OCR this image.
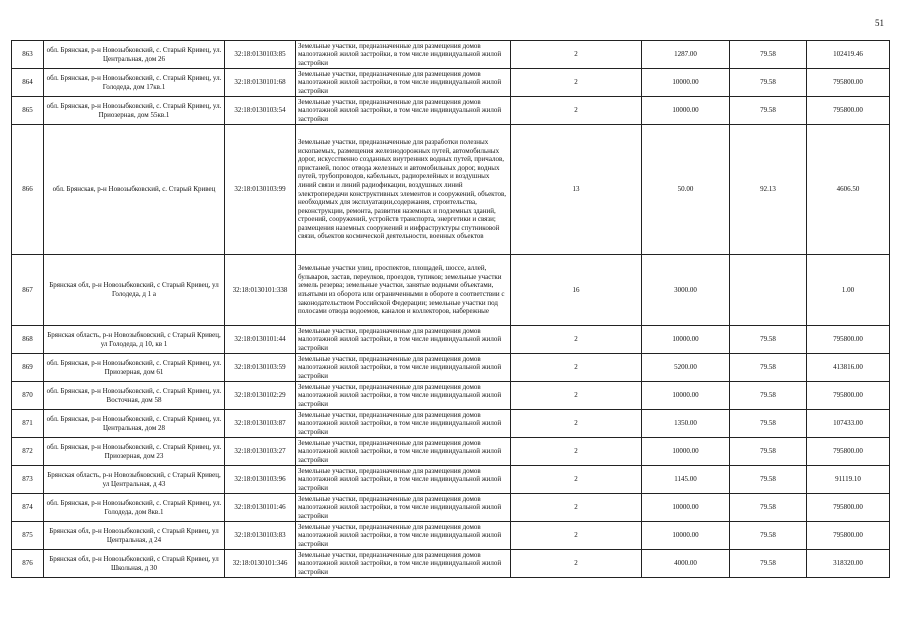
51
863	обл. Брянская, р-н Новозыбковский, с. Старый Кривец, ул. Центральная, дом 26	32:18:0130103:85	Земельные участки, предназначенные для размещения домов малоэтажной жилой застройки, в том числе индивидуальной жилой застройки	2	1287.00	79.58	102419.46
864	обл. Брянская, р-н Новозыбковский, с. Старый Кривец, ул. Голодеда, дом 17кв.1	32:18:0130101:68	Земельные участки, предназначенные для размещения домов малоэтажной жилой застройки, в том числе индивидуальной жилой застройки	2	10000.00	79.58	795800.00
865	обл. Брянская, р-н Новозыбковский, с. Старый Кривец, ул. Приозерная, дом 55кв.1	32:18:0130103:54	Земельные участки, предназначенные для размещения домов малоэтажной жилой застройки, в том числе индивидуальной жилой застройки	2	10000.00	79.58	795800.00
866	обл. Брянская, р-н Новозыбковский, с. Старый Кривец	32:18:0130103:99	Земельные участки, предназначенные для разработки полезных ископаемых, размещения железнодорожных путей, автомобильных дорог, искусственно созданных внутренних водных путей, причалов, пристаней, полос отвода железных и автомобильных дорог, водных путей, трубопроводов, кабельных, радиорелейных и воздушных линий связи и линий радиофикации, воздушных линий электропередачи конструктивных элементов и сооружений, объектов, необходимых для эксплуатации,содержания, строительства, реконструкции, ремонта, развития наземных и подземных зданий, строений, сооружений, устройств транспорта, энергетики и связи; размещения наземных сооружений и инфраструктуры спутниковой связи, объектов космической деятельности, военных объектов	13	50.00	92.13	4606.50
867	Брянская обл, р-н Новозыбковский, с Старый Кривец, ул Голодеда, д 1 а	32:18:0130101:338	Земельные участки улиц, проспектов, площадей, шоссе, аллей, бульваров, застав, переулков, проездов, тупиков; земельные участки земель резерва; земельные участки, занятые водными объектами, изъятыми из оборота или ограниченными в обороте в соответствии с законодательством Российской Федерации; земельные участки под полосами отвода водоемов, каналов и коллекторов, набережные	16	3000.00		1.00
868	Брянская область, р-н Новозыбковский, с Старый Кривец, ул Голодеда, д 10, кв 1	32:18:0130101:44	Земельные участки, предназначенные для размещения домов малоэтажной жилой застройки, в том числе индивидуальной жилой застройки	2	10000.00	79.58	795800.00
869	обл. Брянская, р-н Новозыбковский, с. Старый Кривец, ул. Приозерная, дом 61	32:18:0130103:59	Земельные участки, предназначенные для размещения домов малоэтажной жилой застройки, в том числе индивидуальной жилой застройки	2	5200.00	79.58	413816.00
870	обл. Брянская, р-н Новозыбковский, с. Старый Кривец, ул. Восточная, дом 58	32:18:0130102:29	Земельные участки, предназначенные для размещения домов малоэтажной жилой застройки, в том числе индивидуальной жилой застройки	2	10000.00	79.58	795800.00
871	обл. Брянская, р-н Новозыбковский, с. Старый Кривец, ул. Центральная, дом 28	32:18:0130103:87	Земельные участки, предназначенные для размещения домов малоэтажной жилой застройки, в том числе индивидуальной жилой застройки	2	1350.00	79.58	107433.00
872	обл. Брянская, р-н Новозыбковский, с. Старый Кривец, ул. Приозерная, дом 23	32:18:0130103:27	Земельные участки, предназначенные для размещения домов малоэтажной жилой застройки, в том числе индивидуальной жилой застройки	2	10000.00	79.58	795800.00
873	Брянская область, р-н Новозыбковский, с Старый Кривец, ул Центральная, д 43	32:18:0130103:96	Земельные участки, предназначенные для размещения домов малоэтажной жилой застройки, в том числе индивидуальной жилой застройки	2	1145.00	79.58	91119.10
874	обл. Брянская, р-н Новозыбковский, с. Старый Кривец, ул. Голодеда, дом 8кв.1	32:18:0130101:46	Земельные участки, предназначенные для размещения домов малоэтажной жилой застройки, в том числе индивидуальной жилой застройки	2	10000.00	79.58	795800.00
875	Брянская обл, р-н Новозыбковский, с Старый Кривец, ул Центральная, д 24	32:18:0130103:83	Земельные участки, предназначенные для размещения домов малоэтажной жилой застройки, в том числе индивидуальной жилой застройки	2	10000.00	79.58	795800.00
876	Брянская обл, р-н Новозыбковский, с Старый Кривец, ул Школьная, д 30	32:18:0130101:346	Земельные участки, предназначенные для размещения домов малоэтажной жилой застройки, в том числе индивидуальной жилой застройки	2	4000.00	79.58	318320.00
